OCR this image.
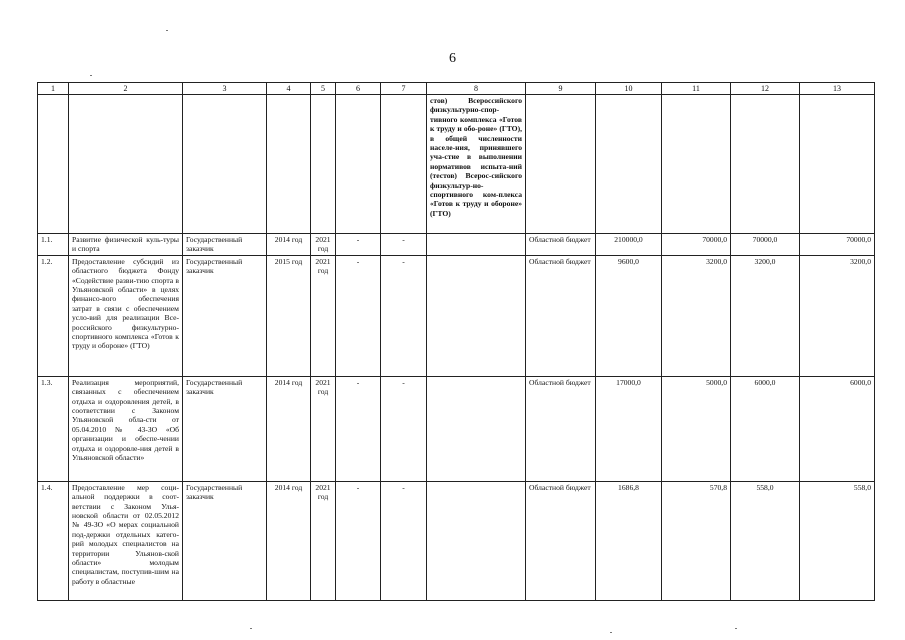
6
1	2	3	4	5	6	7	8	9	10	11	12	13
							стов) Всероссийского физкультурно-спор-тивного комплекса «Готов к труду и обо-роне» (ГТО), в общей численности населе-ния, принявшего уча-стие в выполнении нормативов испыта-ний (тестов) Всерос-сийского физкультур-но-спортивного ком-плекса «Готов к труду и обороне» (ГТО)					
1.1.	Развитие физической куль-туры и спорта	Государственный заказчик	2014 год	2021 год	-	-		Областной бюджет	210000,0	70000,0	70000,0	70000,0
1.2.	Предоставление субсидий из областного бюджета Фонду «Содействие разви-тию спорта в Ульяновской области» в целях финансо-вого обеспечения затрат в связи с обеспечением усло-вий для реализации Все-российского физкультурно-спортивного комплекса «Готов к труду и обороне» (ГТО)	Государственный заказчик	2015 год	2021 год	-	-		Областной бюджет	9600,0	3200,0	3200,0	3200,0
1.3.	Реализация мероприятий, связанных с обеспечением отдыха и оздоровления детей, в соответствии с Законом Ульяновской обла-сти от 05.04.2010 № 43-ЗО «Об организации и обеспе-чении отдыха и оздоровле-ния детей в Ульяновской области»	Государственный заказчик	2014 год	2021 год	-	-		Областной бюджет	17000,0	5000,0	6000,0	6000,0
1.4.	Предоставление мер соци-альной поддержки в соот-ветствии с Законом Улья-новской области от 02.05.2012 № 49-ЗО «О мерах социальной под-держки отдельных катего-рий молодых специалистов на территории Ульянов-ской области» молодым специалистам, поступив-шим на работу в областные	Государственный заказчик	2014 год	2021 год	-	-		Областной бюджет	1686,8	570,8	558,0	558,0
